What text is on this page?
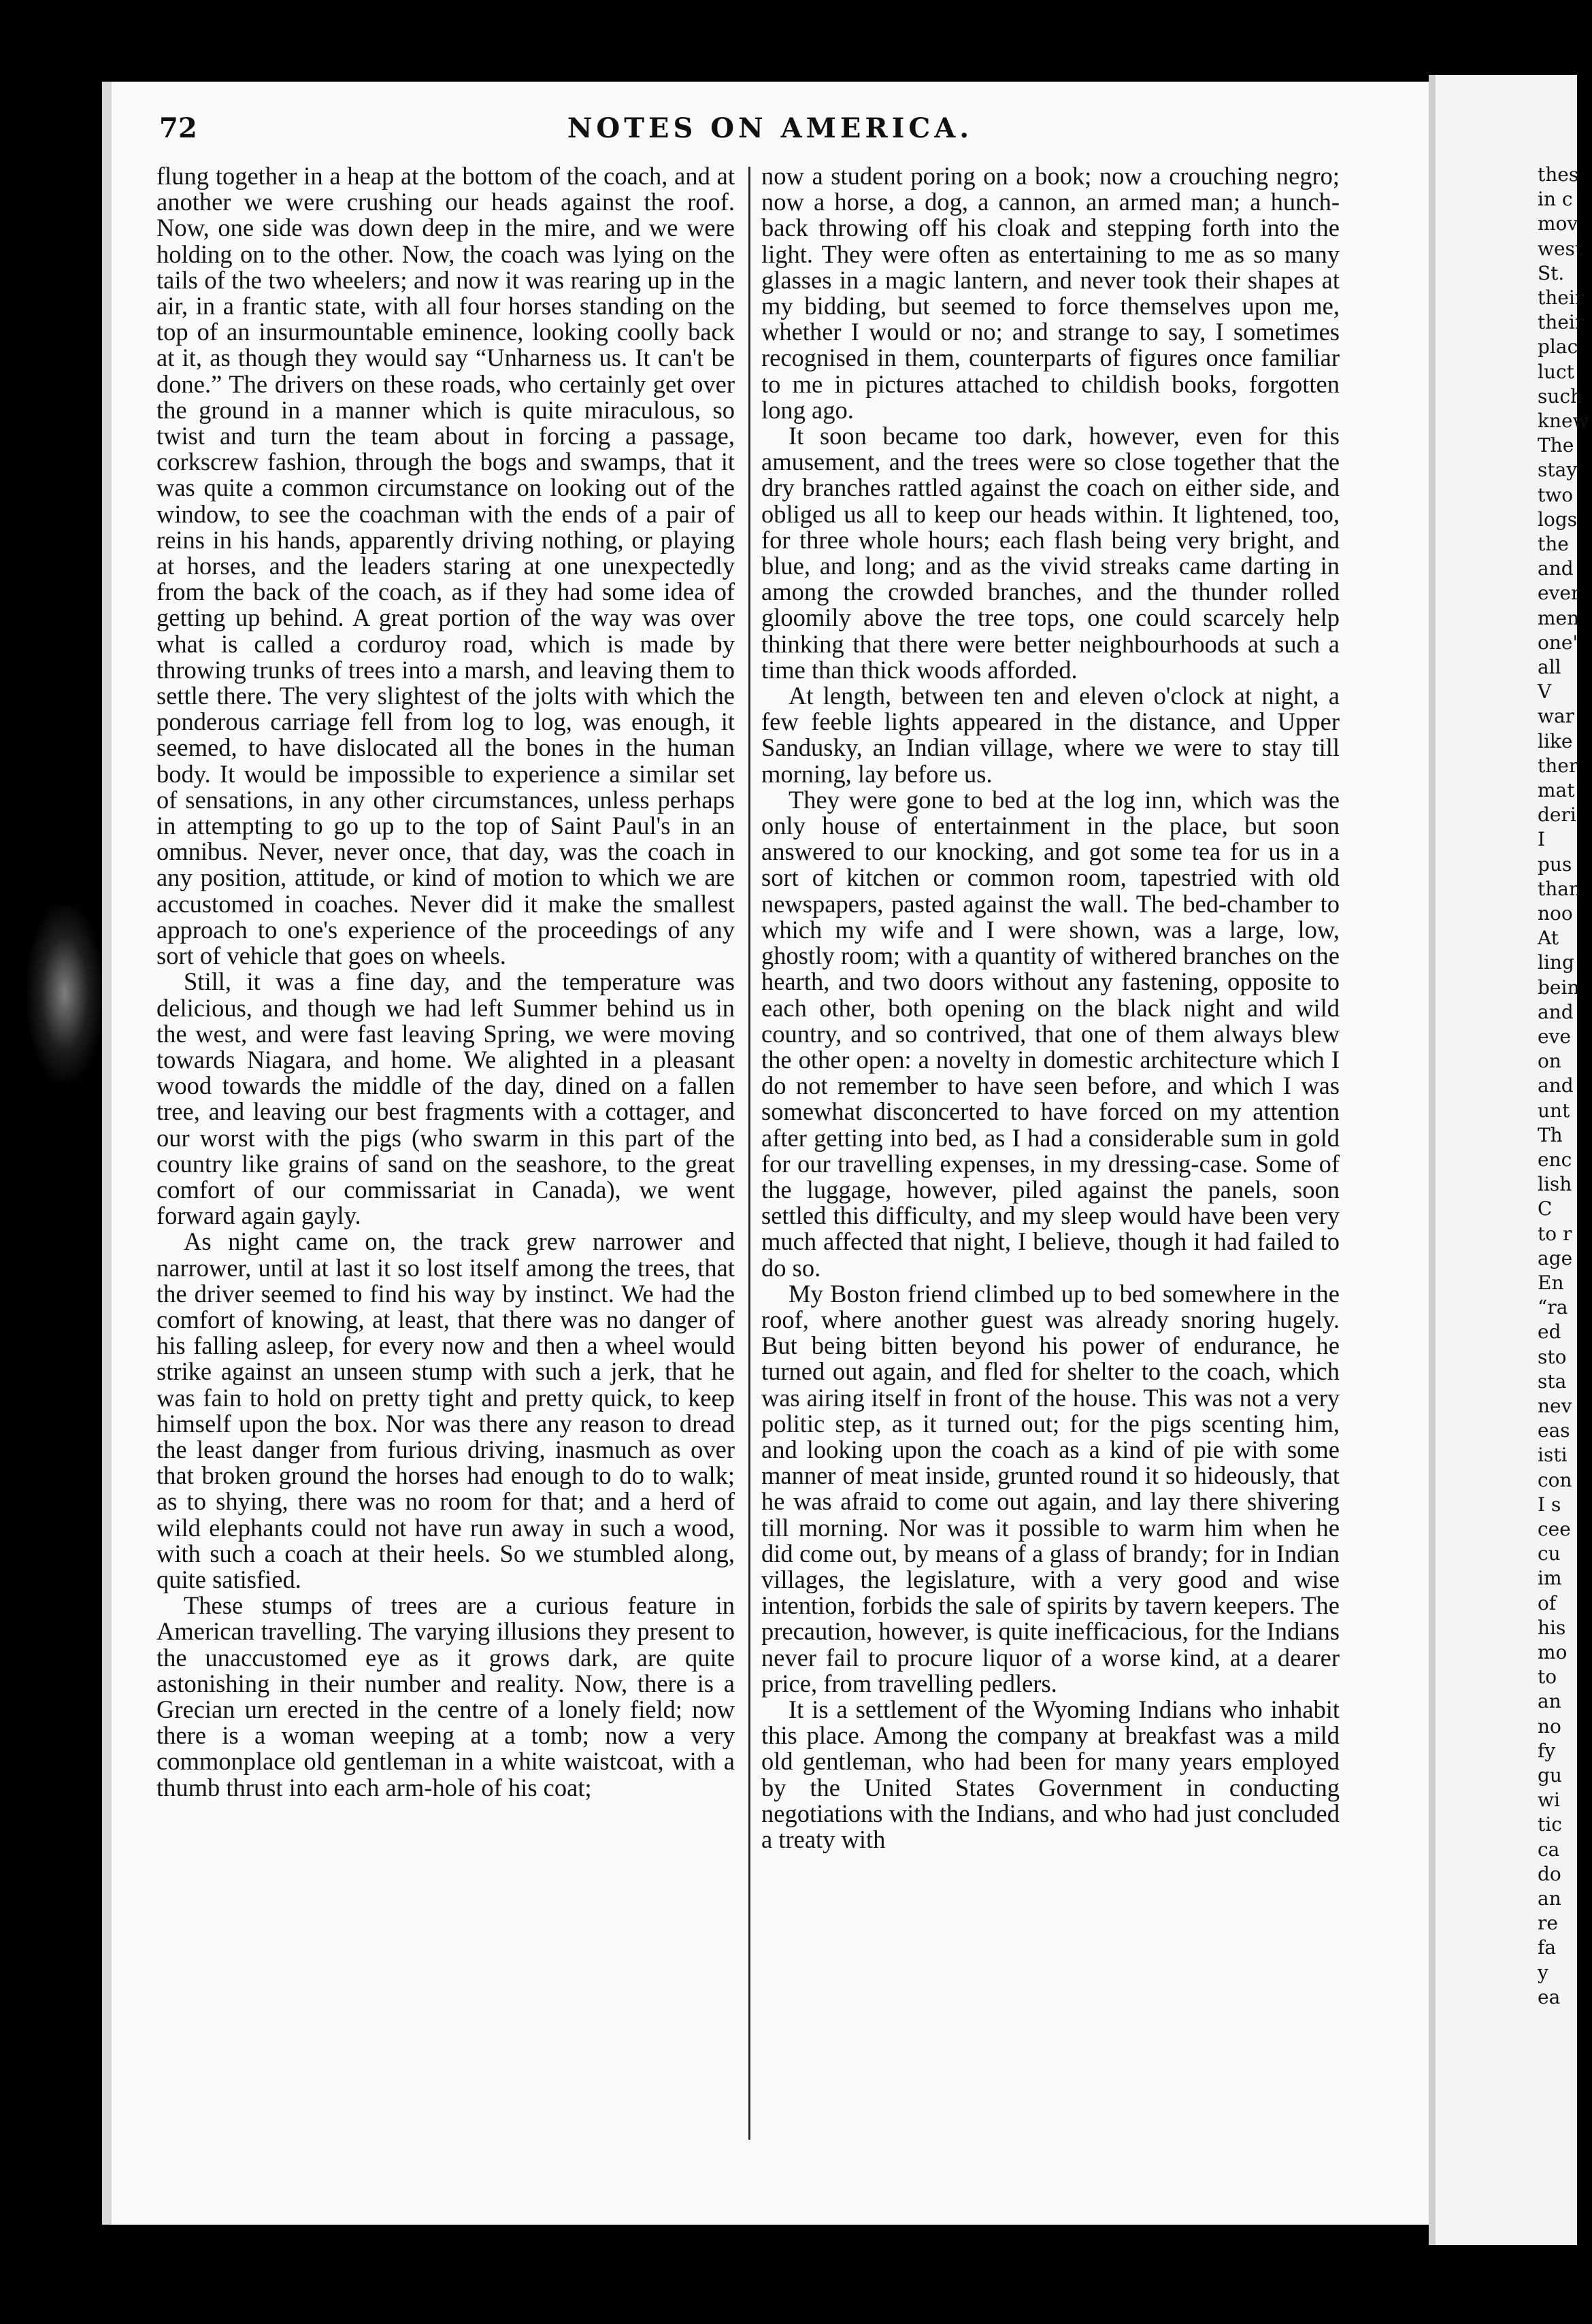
72	NOTES ON AMERICA.

flung together in a heap at the bottom of the coach, and at another we were crushing our heads against the roof. Now, one side was down deep in the mire, and we were holding on to the other. Now, the coach was lying on the tails of the two wheelers; and now it was rearing up in the air, in a frantic state, with all four horses standing on the top of an insurmountable eminence, looking coolly back at it, as though they would say “Unharness us. It can't be done.” The drivers on these roads, who certainly get over the ground in a manner which is quite miraculous, so twist and turn the team about in forcing a passage, corkscrew fashion, through the bogs and swamps, that it was quite a common circumstance on looking out of the window, to see the coachman with the ends of a pair of reins in his hands, apparently driving nothing, or playing at horses, and the leaders staring at one unexpectedly from the back of the coach, as if they had some idea of getting up behind. A great portion of the way was over what is called a corduroy road, which is made by throwing trunks of trees into a marsh, and leaving them to settle there. The very slightest of the jolts with which the ponderous carriage fell from log to log, was enough, it seemed, to have dislocated all the bones in the human body. It would be impossible to experience a similar set of sensations, in any other circumstances, unless perhaps in attempting to go up to the top of Saint Paul's in an omnibus. Never, never once, that day, was the coach in any position, attitude, or kind of motion to which we are accustomed in coaches. Never did it make the smallest approach to one's experience of the proceedings of any sort of vehicle that goes on wheels.

Still, it was a fine day, and the temperature was delicious, and though we had left Summer behind us in the west, and were fast leaving Spring, we were moving towards Niagara, and home. We alighted in a pleasant wood towards the middle of the day, dined on a fallen tree, and leaving our best fragments with a cottager, and our worst with the pigs (who swarm in this part of the country like grains of sand on the seashore, to the great comfort of our commissariat in Canada), we went forward again gayly.

As night came on, the track grew narrower and narrower, until at last it so lost itself among the trees, that the driver seemed to find his way by instinct. We had the comfort of knowing, at least, that there was no danger of his falling asleep, for every now and then a wheel would strike against an unseen stump with such a jerk, that he was fain to hold on pretty tight and pretty quick, to keep himself upon the box. Nor was there any reason to dread the least danger from furious driving, inasmuch as over that broken ground the horses had enough to do to walk; as to shying, there was no room for that; and a herd of wild elephants could not have run away in such a wood, with such a coach at their heels. So we stumbled along, quite satisfied.

These stumps of trees are a curious feature in American travelling. The varying illusions they present to the unaccustomed eye as it grows dark, are quite astonishing in their number and reality. Now, there is a Grecian urn erected in the centre of a lonely field; now there is a woman weeping at a tomb; now a very commonplace old gentleman in a white waistcoat, with a thumb thrust into each arm-hole of his coat;

now a student poring on a book; now a crouching negro; now a horse, a dog, a cannon, an armed man; a hunch-back throwing off his cloak and stepping forth into the light. They were often as entertaining to me as so many glasses in a magic lantern, and never took their shapes at my bidding, but seemed to force themselves upon me, whether I would or no; and strange to say, I sometimes recognised in them, counterparts of figures once familiar to me in pictures attached to childish books, forgotten long ago.

It soon became too dark, however, even for this amusement, and the trees were so close together that the dry branches rattled against the coach on either side, and obliged us all to keep our heads within. It lightened, too, for three whole hours; each flash being very bright, and blue, and long; and as the vivid streaks came darting in among the crowded branches, and the thunder rolled gloomily above the tree tops, one could scarcely help thinking that there were better neighbourhoods at such a time than thick woods afforded.

At length, between ten and eleven o'clock at night, a few feeble lights appeared in the distance, and Upper Sandusky, an Indian village, where we were to stay till morning, lay before us.

They were gone to bed at the log inn, which was the only house of entertainment in the place, but soon answered to our knocking, and got some tea for us in a sort of kitchen or common room, tapestried with old newspapers, pasted against the wall. The bed-chamber to which my wife and I were shown, was a large, low, ghostly room; with a quantity of withered branches on the hearth, and two doors without any fastening, opposite to each other, both opening on the black night and wild country, and so contrived, that one of them always blew the other open: a novelty in domestic architecture which I do not remember to have seen before, and which I was somewhat disconcerted to have forced on my attention after getting into bed, as I had a considerable sum in gold for our travelling expenses, in my dressing-case. Some of the luggage, however, piled against the panels, soon settled this difficulty, and my sleep would have been very much affected that night, I believe, though it had failed to do so.

My Boston friend climbed up to bed somewhere in the roof, where another guest was already snoring hugely. But being bitten beyond his power of endurance, he turned out again, and fled for shelter to the coach, which was airing itself in front of the house. This was not a very politic step, as it turned out; for the pigs scenting him, and looking upon the coach as a kind of pie with some manner of meat inside, grunted round it so hideously, that he was afraid to come out again, and lay there shivering till morning. Nor was it possible to warm him when he did come out, by means of a glass of brandy; for in Indian villages, the legislature, with a very good and wise intention, forbids the sale of spirits by tavern keepers. The precaution, however, is quite inefficacious, for the Indians never fail to procure liquor of a worse kind, at a dearer price, from travelling pedlers.

It is a settlement of the Wyoming Indians who inhabit this place. Among the company at breakfast was a mild old gentleman, who had been for many years employed by the United States Government in conducting negotiations with the Indians, and who had just concluded a treaty with

thes
in c
mov
west
St.
their
their
plac
luct
such
knew
The
stay
two
logs
the
and
ever
men
one'
all
V
war
like
ther
mat
deri
I
pus
than
noo
At
ling
bein
and
eve
on
and
unt
Th
enc
lish
C
to r
age
En
“ra
ed
sto
sta
nev
eas
isti
con
I s
cee
cu
im
of
his
mo
to
an
no
fy
gu
wi
tic
ca
do
an
re
fa
y
ea
